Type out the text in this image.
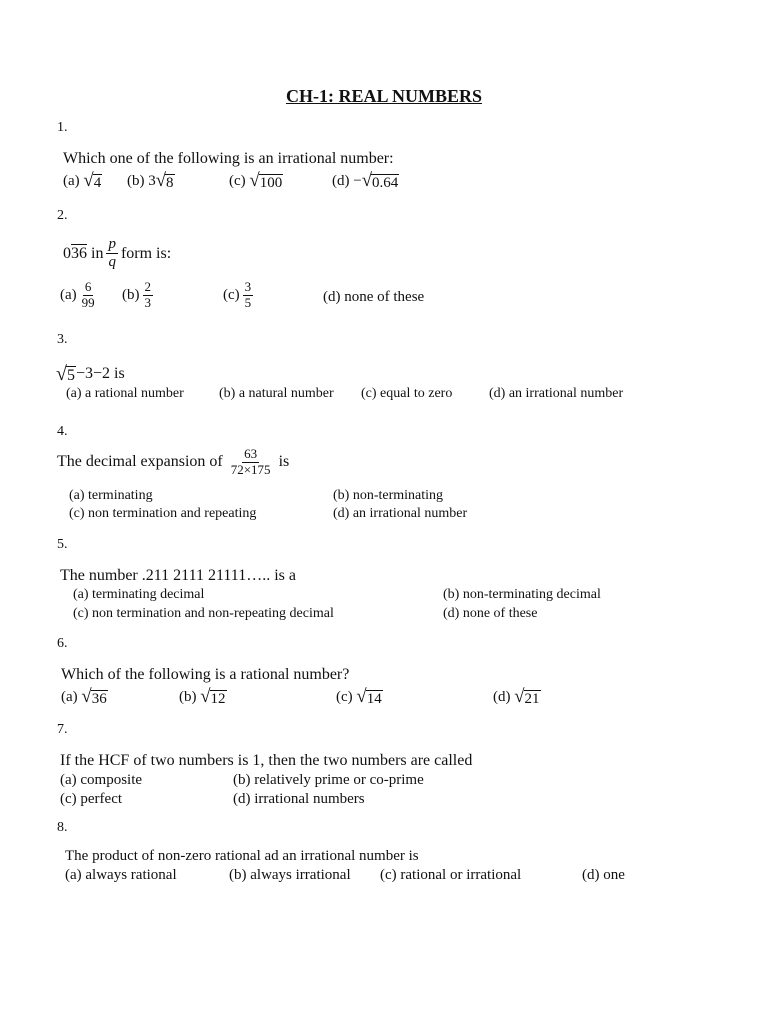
CH-1: REAL NUMBERS
1.
Which one of the following is an irrational number:
(a)
√ 4 (b)
3 √ 8	(c)
√ 100	(d)
− √ 0.64
2.
0 36
in $\frac{p}{q}$ form is:
$(a) \frac{6}{99} (b) \frac{2}{3}$	$(c) \frac{3}{5}$	(d) none of these
3.
√ 5 −3−2
is
(a) a rational number	(b) a natural number (c) equal to zero	(d) an irrational number
4.
The decimal expansion of $\frac{63}{72\times 175}$ is
(a) terminating	(b) non-terminating
(c) non termination and repeating	(d) an irrational number
5.
The number .211 2111 21111….. is a
(a) terminating decimal	(b) non-terminating decimal
(c) non termination and non-repeating decimal	(d) none of these
6.
Which of the following is a rational number?
(a)
√ 36	(b)
√ 12	(c)
√ 14	(d)
√ 21
7.
If the HCF of two numbers is 1, then the two numbers are called
(a) composite	(b) relatively prime or co-prime
(c) perfect	(d) irrational numbers
8.
The product of non-zero rational ad an irrational number is
(a) always rational	(b) always irrational (c) rational or irrational	(d) one
